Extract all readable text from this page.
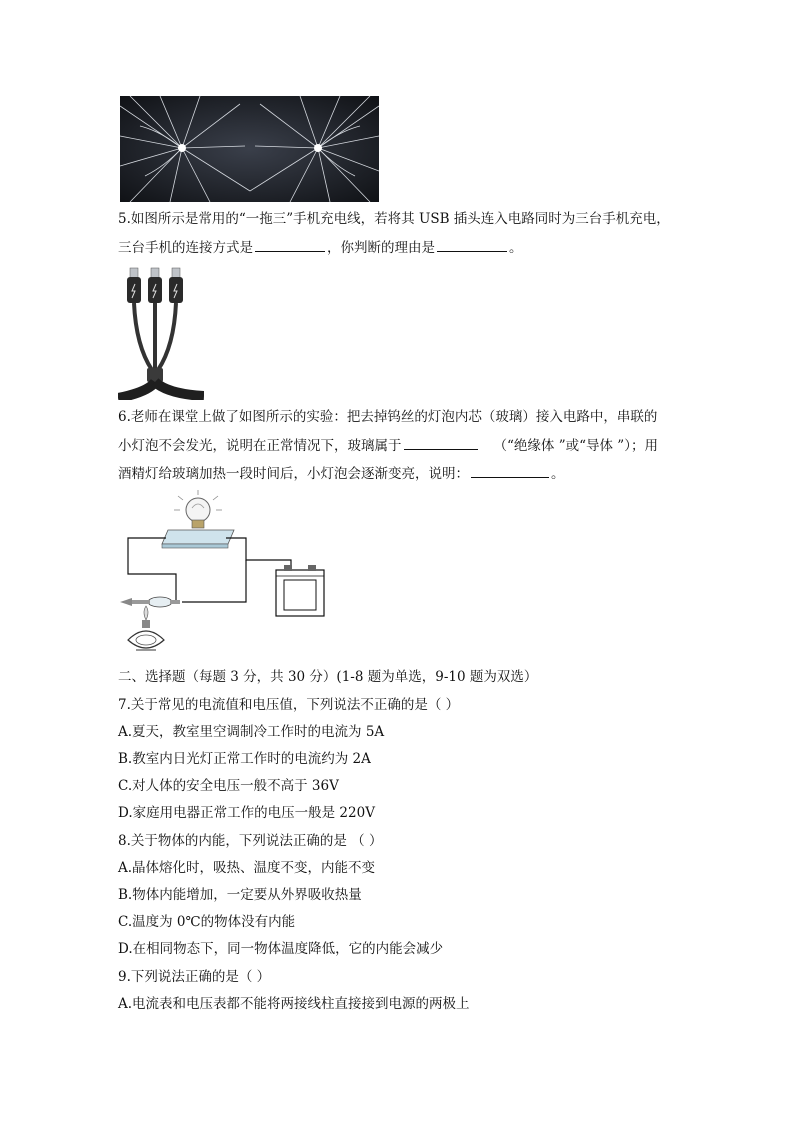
5.如图所示是常用的“一拖三”手机充电线，若将其 USB 插头连入电路同时为三台手机充电，
三台手机的连接方式是	，你判断的理由是	。
6.老师在课堂上做了如图所示的实验：把去掉钨丝的灯泡内芯（玻璃）接入电路中，串联的
小灯泡不会发光，说明在正常情况下，玻璃属于	（“绝缘体 ”或“导体 ”）；用
酒精灯给玻璃加热一段时间后，小灯泡会逐渐变亮，说明：	。
二、选择题（每题 3 分，共 30 分）(1-8 题为单选，9-10 题为双选）
7.关于常见的电流值和电压值，下列说法不正确的是（ ）
A.夏天，教室里空调制冷工作时的电流为 5A
B.教室内日光灯正常工作时的电流约为 2A
C.对人体的安全电压一般不高于 36V
D.家庭用电器正常工作的电压一般是 220V
8.关于物体的内能，下列说法正确的是 （ ）
A.晶体熔化时，吸热、温度不变，内能不变
B.物体内能增加，一定要从外界吸收热量
C.温度为 0℃的物体没有内能
D.在相同物态下，同一物体温度降低，它的内能会减少
9.下列说法正确的是（ ）
A.电流表和电压表都不能将两接线柱直接接到电源的两极上
